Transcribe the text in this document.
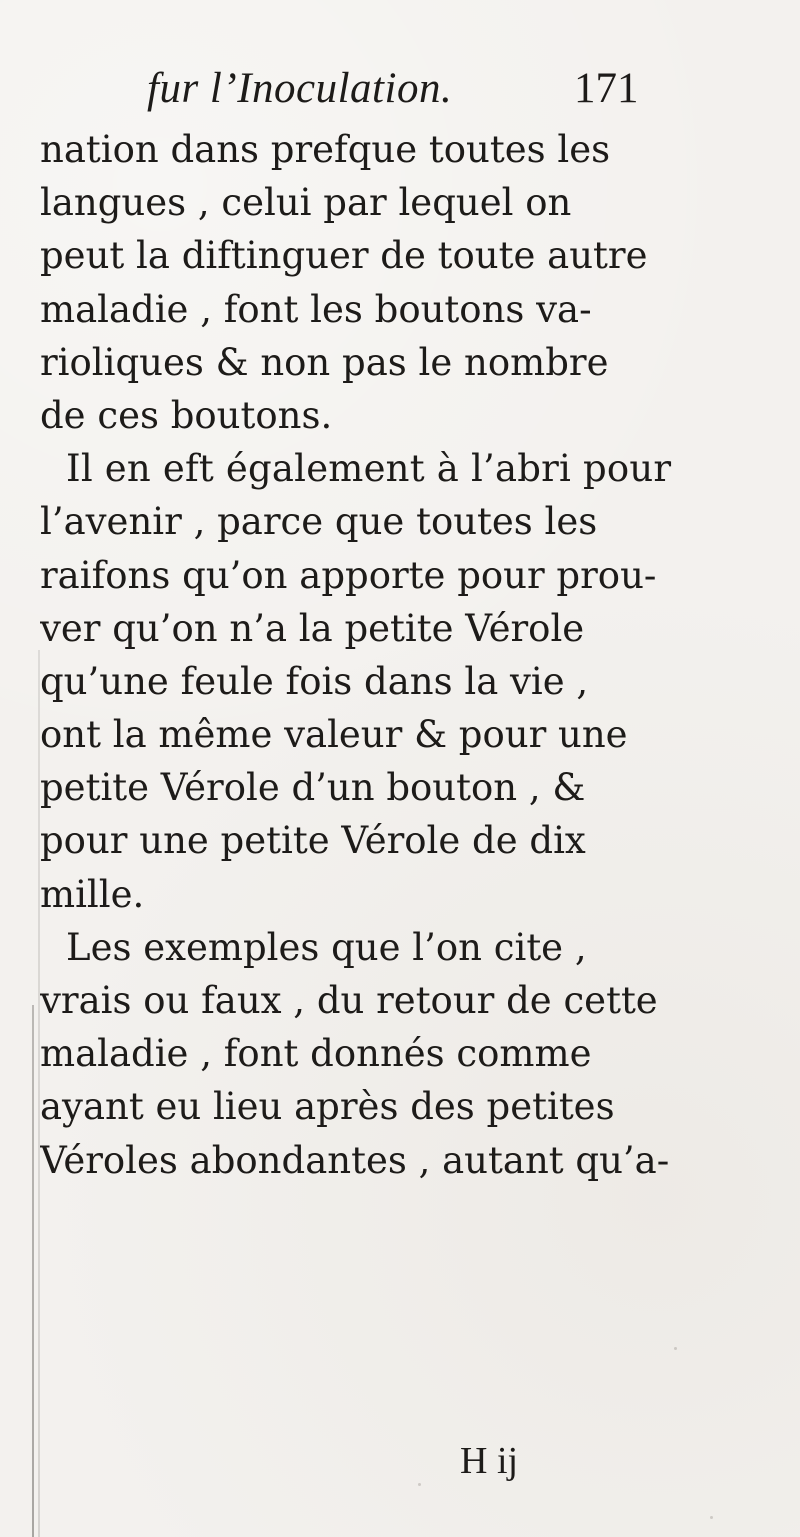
fur l’Inoculation.	171
nation dans prefque toutes les
langues , celui par lequel on
peut la diftinguer de toute autre
maladie , font les boutons va-
rioliques & non pas le nombre
de ces boutons.
Il en eft également à l’abri pour
l’avenir , parce que toutes les
raifons qu’on apporte pour prou-
ver qu’on n’a la petite Vérole
qu’une feule fois dans la vie ,
ont la même valeur & pour une
petite Vérole d’un bouton , &
pour une petite Vérole de dix
mille.
Les exemples que l’on cite ,
vrais ou faux , du retour de cette
maladie , font donnés comme
ayant eu lieu après des petites
Véroles abondantes , autant qu’a-
H ij
